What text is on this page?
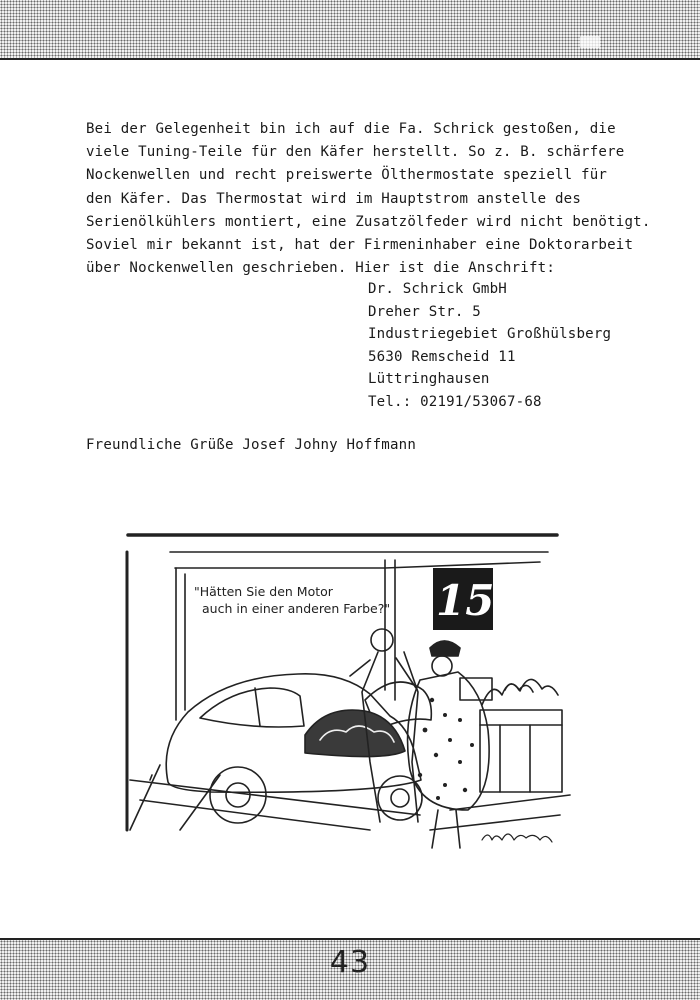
Bei der Gelegenheit bin ich auf die Fa. Schrick gestoßen, die
viele Tuning-Teile für den Käfer herstellt. So z. B. schärfere
Nockenwellen und recht preiswerte Ölthermostate speziell für
den Käfer. Das Thermostat wird im Hauptstrom anstelle des
Serienölkühlers montiert, eine Zusatzölfeder wird nicht benötigt.
Soviel mir bekannt ist, hat der Firmeninhaber eine Doktorarbeit
über Nockenwellen geschrieben. Hier ist die Anschrift:
Dr. Schrick GmbH
Dreher Str. 5
Industriegebiet Großhülsberg
5630 Remscheid 11
Lüttringhausen
Tel.: 02191/53067-68
Freundliche Grüße Josef Johny Hoffmann
"Hätten Sie den Motor
auch in einer anderen Farbe?"	15
43
